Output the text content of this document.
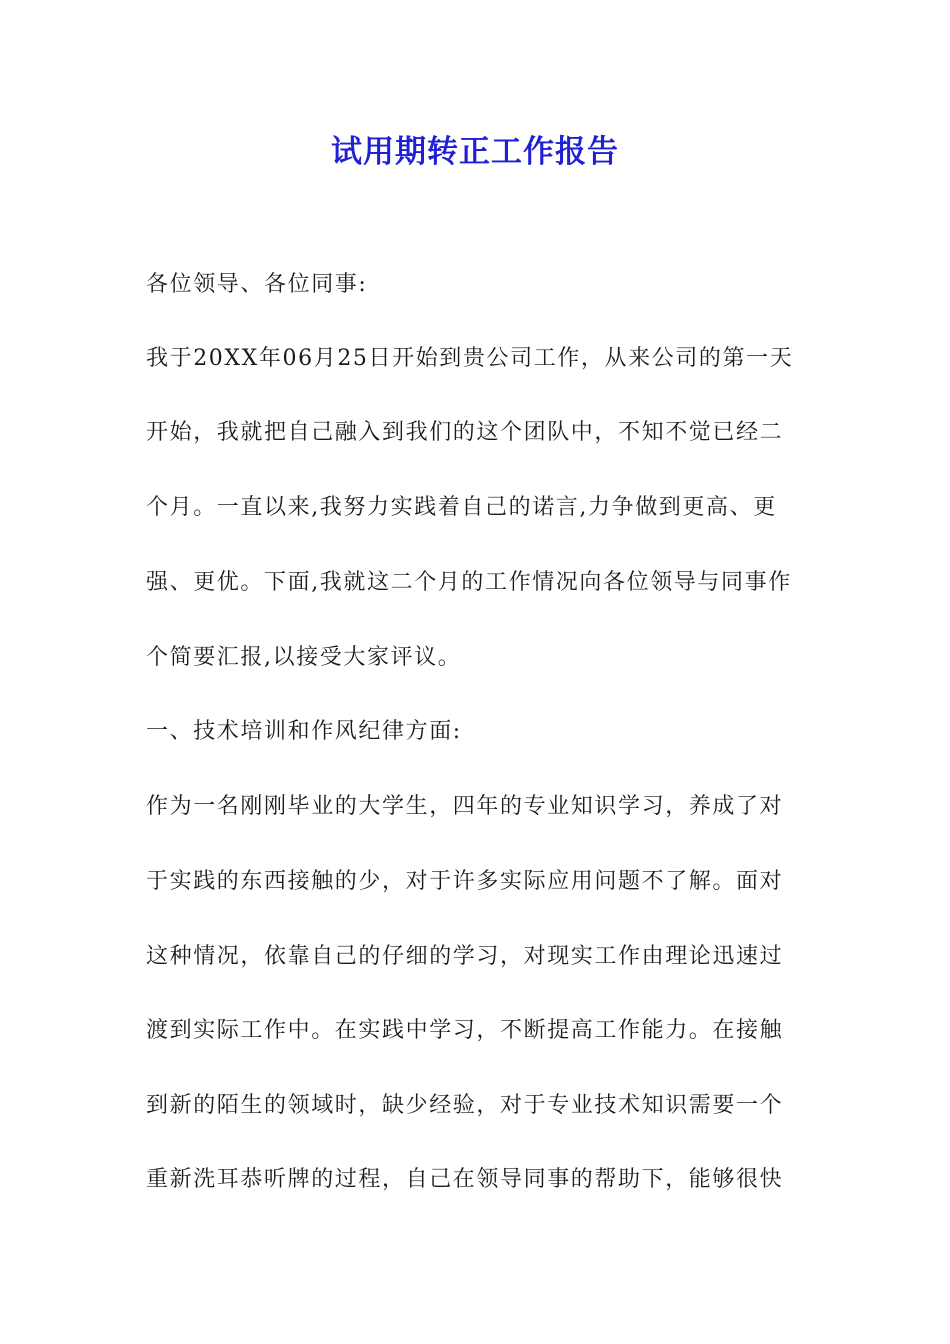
试用期转正工作报告
各位领导、各位同事:
我于20XX年06月25日开始到贵公司工作，从来公司的第一天
开始，我就把自己融入到我们的这个团队中，不知不觉已经二
个月。一直以来,我努力实践着自己的诺言,力争做到更高、更
强、更优。下面,我就这二个月的工作情况向各位领导与同事作
个简要汇报,以接受大家评议。
一、技术培训和作风纪律方面:
作为一名刚刚毕业的大学生，四年的专业知识学习，养成了对
于实践的东西接触的少，对于许多实际应用问题不了解。面对
这种情况，依靠自己的仔细的学习，对现实工作由理论迅速过
渡到实际工作中。在实践中学习，不断提高工作能力。在接触
到新的陌生的领域时，缺少经验，对于专业技术知识需要一个
重新洗耳恭听牌的过程，自己在领导同事的帮助下，能够很快
